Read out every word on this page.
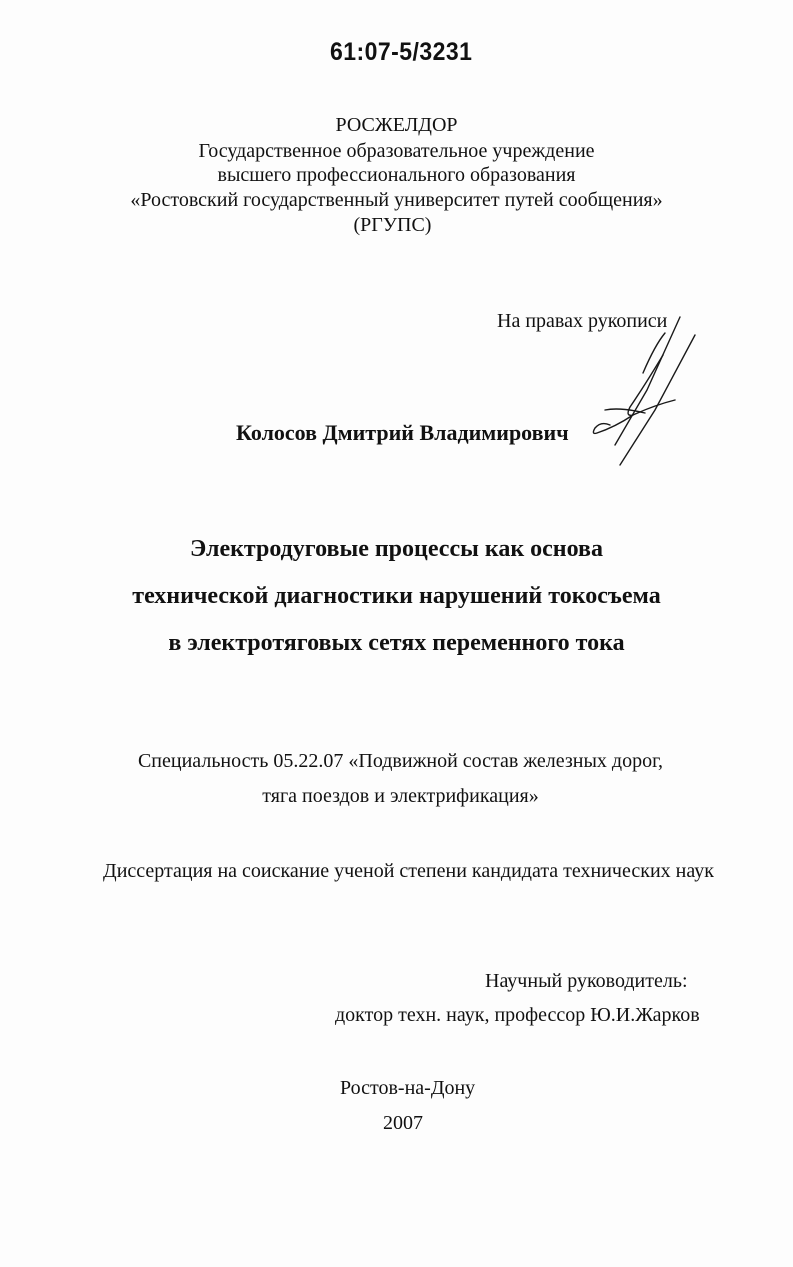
61:07-5/3231
РОСЖЕЛДОР
Государственное образовательное учреждение
высшего профессионального образования
«Ростовский государственный университет путей сообщения»
(РГУПС)
На правах рукописи
Колосов Дмитрий Владимирович
Электродуговые процессы как основа
технической диагностики нарушений токосъема
в электротяговых сетях переменного тока
Специальность 05.22.07 «Подвижной состав железных дорог,
тяга поездов и электрификация»
Диссертация на соискание ученой степени кандидата технических наук
Научный руководитель:
доктор техн. наук, профессор Ю.И.Жарков
Ростов-на-Дону
2007
